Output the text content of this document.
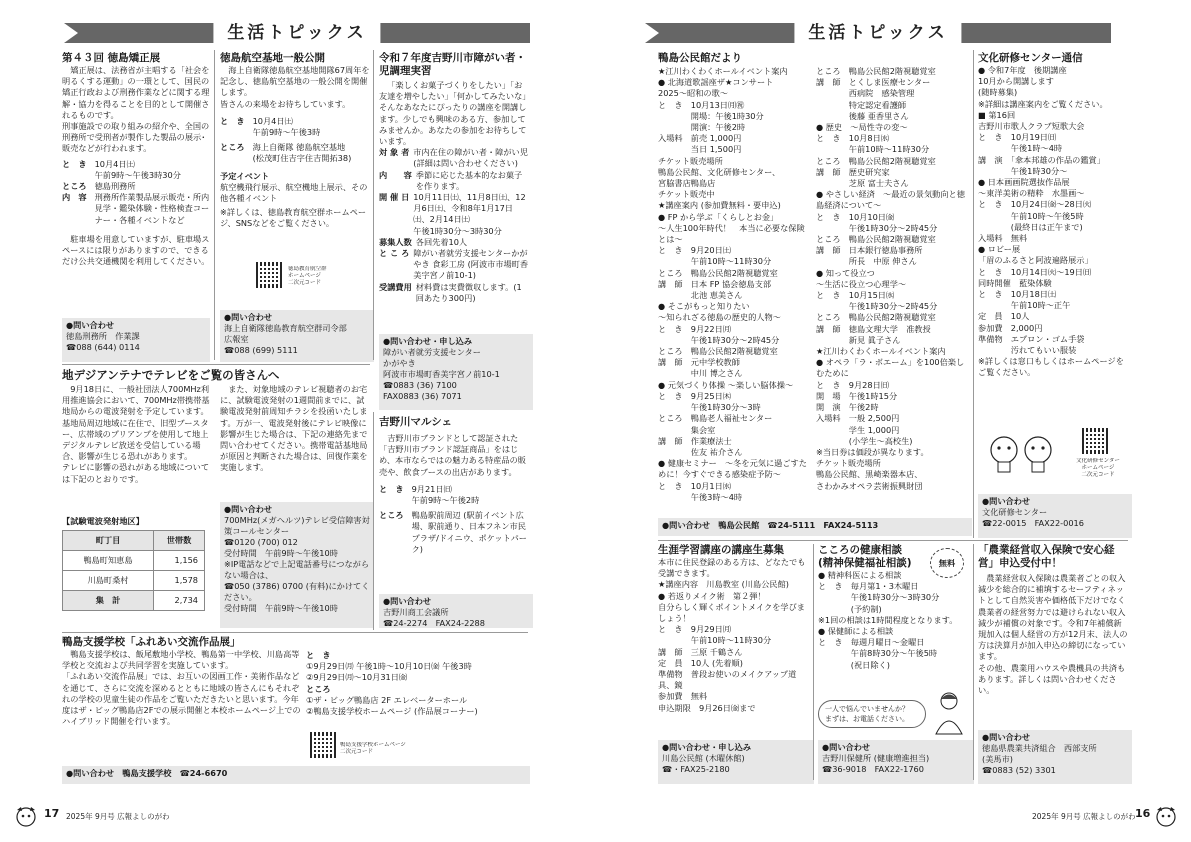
生活トピックス	生活トピックス
第４３回 徳島矯正展
矯正展は、法務省が主唱する「社会を明るくする運動」の一環として、国民の矯正行政および刑務作業などに関する理解・協力を得ることを目的として開催されるものです。
刑事施設での取り組みの紹介や、全国の刑務所で受刑者が製作した製品の展示･販売などが行われます。
と　き 10月4日㈯
午前9時～午後3時30分
ところ 徳島刑務所
内　容 刑務所作業製品展示販売・所内見学・鑑染体験・性格検査コーナー・各種イベントなど
駐車場を用意していますが、駐車場スペースには限りがありますので、できるだけ公共交通機関を利用してください。
●問い合わせ
徳島刑務所　作業課
☎088 (644) 0114
徳島航空基地一般公開
海上自衛隊徳島航空基地開隊67周年を記念し、徳島航空基地の一般公開を開催します。
皆さんの来場をお待ちしています。
と　き 10月4日㈯
午前9時～午後3時
ところ 海上自衛隊 徳島航空基地
(松茂町住吉字住吉開拓38)
予定イベント
航空機飛行展示、航空機地上展示、その他各種イベント
※詳しくは、徳島教育航空群ホームページ、SNSなどをご覧ください。
徳島教育航空群
ホームページ
二次元コード
●問い合わせ
海上自衛隊徳島教育航空群司令部
広報室
☎088 (699) 5111
令和７年度吉野川市障がい者・児調理実習
「楽しくお菓子づくりをしたい」「お友達を増やしたい」「何かしてみたいな」そんなあなたにぴったりの講座を開講します。少しでも興味のある方、参加してみませんか。あなたの参加をお待ちしています。
対 象 者 市内在住の障がい者・障がい児(詳細は問い合わせください)
内　　容 季節に応じた基本的なお菓子を作ります。
開 催 日 10月11日㈯、11月8日㈯、12月6日㈯、令和8年1月17日㈯、2月14日㈯
午後1時30分～3時30分
募集人数 各回先着10人
と こ ろ 障がい者就労支援センターかがやき 食彩工房 (阿波市市場町香美字宮ノ前10-1)
受講費用 材料費は実費徴収します。(1回あたり300円)
●問い合わせ・申し込み
障がい者就労支援センター
かがやき
阿波市市場町香美字宮ノ前10-1
☎0883 (36) 7100
FAX0883 (36) 7071
地デジアンテナでテレビをご覧の皆さんへ
9月18日に、一般社団法人700MHz利用推進協会において、700MHz帯携帯基地局からの電波発射を予定しています。基地局周辺地域に在住で、旧型ブースター、広帯域のプリアンプを使用して地上デジタルテレビ放送を受信している場合、影響が生じる恐れがあります。
テレビに影響の恐れがある地域については下記のとおりです。
また、対象地域のテレビ視聴者のお宅に、試験電波発射の1週間前までに、試験電波発射前周知チラシを投函いたします。万が一、電波発射後にテレビ映像に影響が生じた場合は、下記の連絡先まで問い合わせてください。携帯電話基地局が原因と判断された場合は、回復作業を実施します。
【試験電波発射地区】
町丁目	世帯数
鴨島町知恵島	1,156
川島町桑村	1,578
集　計	2,734
●問い合わせ
700MHz(メガヘルツ)テレビ受信障害対策コールセンター
☎0120 (700) 012
受付時間　午前9時～午後10時
※IP電話などで上記電話番号につながらない場合は、
☎050 (3786) 0700 (有料)にかけてください。
受付時間　午前9時～午後10時
吉野川マルシェ
吉野川市ブランドとして認証された「吉野川市ブランド認証商品」をはじめ、本市ならではの魅力ある特産品の販売や、飲食ブースの出店があります。
と　き 9月21日㈰
午前9時～午後2時
ところ 鴨島駅前周辺 (駅前イベント広場、駅前通り、日本フネン市民プラザ/ドイニウ、ポケットパーク)
●問い合わせ
吉野川商工会議所
☎24-2274　FAX24-2288
鴨島支援学校「ふれあい交流作品展」
鴨島支援学校は、飯尾敷地小学校、鴨島第一中学校、川島高等学校と交流および共同学習を実施しています。
「ふれあい交流作品展」では、お互いの図画工作・美術作品などを通じて、さらに交流を深めるとともに地域の皆さんにもそれぞれの学校の児童生徒の作品をご覧いただきたいと思います。今年度はザ・ビッグ鴨島店2Fでの展示開催と本校ホームページ上でのハイブリッド開催を行います。
と　き
①9月29日㈪ 午後1時～10月10日㈮ 午後3時
②9月29日㈪～10月31日㈮
ところ
①ザ・ビッグ鴨島店 2F エレベーターホール
②鴨島支援学校ホームページ (作品展コーナー)
鴨島支援学校ホームページ
二次元コード
●問い合わせ　鴨島支援学校　☎24-6670
17 2025年 9月号 広報よしのがわ
鴨島公民館だより
★江川わくわくホールイベント案内
● 北海道歌謡座ザ★コンサート
2025～昭和の歌～
と　き　10月13日㈪㊗
　　　　開場：午後1時30分
　　　　開演：午後2時
入場料　前売 1,000円
　　　　当日 1,500円
チケット販売場所
鴨島公民館、文化研修センター、
宮脇書店鴨島店
チケット販売中
★講座案内 (参加費無料・要申込)
● FP から学ぶ「くらしとお金」
～人生100年時代！　本当に必要な保険とは～
と　き　9月20日㈯
　　　　午前10時～11時30分
ところ　鴨島公民館2階視聴覚室
講　師　日本 FP 協会徳島支部
　　　　北池 恵美さん
● そこがもっと知りたい
～知られざる徳島の歴史的人物～
と　き　9月22日㈪
　　　　午後1時30分～2時45分
ところ　鴨島公民館2階視聴覚室
講　師　元中学校教師
　　　　中川 博之さん
● 元気づくり体操 ～楽しい脳体操～
と　き　9月25日㈭
　　　　午後1時30分～3時
ところ　鴨島老人福祉センター
　　　　集会室
講　師　作業療法士
　　　　佐友 祐介さん
● 健康セミナー　～冬を元気に過ごすために！今すぐできる感染症予防～
と　き　10月1日㈬
　　　　午後3時～4時
ところ　鴨島公民館2階視聴覚室
講　師　とくしま医療センター
　　　　西病院　感染管理
　　　　特定認定看護師
　　　　後藤 亜香里さん
● 歴史　～局性寺の変～
と　き　10月8日㈬
　　　　午前10時～11時30分
ところ　鴨島公民館2階視聴覚室
講　師　歴史研究家
　　　　芝原 富士夫さん
● やさしい経済　～最近の景気動向と徳島経済について～
と　き　10月10日㈮
　　　　午後1時30分～2時45分
ところ　鴨島公民館2階視聴覚室
講　師　日本銀行徳島事務所
　　　　所長　中原 伸さん
● 知って役立つ
～生活に役立つ心理学～
と　き　10月15日㈬
　　　　午後1時30分～2時45分
ところ　鴨島公民館2階視聴覚室
講　師　徳島文理大学　准教授
　　　　新見 眞子さん
★江川わくわくホールイベント案内
● オペラ「ラ・ボエーム」を100倍楽しむために
と　き　9月28日㈰
開　場　午後1時15分
開　演　午後2時
入場料　一般 2,500円
　　　　学生 1,000円
　　　　(小学生～高校生)
※当日券は価段が異なります。
チケット販売場所
鴨島公民館、黒崎楽器本店、
さわかみオペラ芸術振興財団
●問い合わせ　鴨島公民館　☎24-5111　FAX24-5113
文化研修センター通信
● 令和7年度　後期講座
10月から開講します
(随時募集)
※詳細は講座案内をご覧ください。
■ 第16回
吉野川市歌人クラブ短歌大会
と　き　10月19日㈰
　　　　午後1時～4時
講　演　「傘本邦雄の作品の鑑賞」
　　　　午後1時30分～
● 日本画画院選抜作品展
～東洋美術の精粋　水墨画～
と　き　10月24日㈮～28日㈫
　　　　午前10時～午後5時
　　　　(最終日は正午まで)
入場料　無料
● ロビー展
「眉のふるさと阿波遍路展示」
と　き　10月14日㈫～19日㈰
同時開催　藍染体験
と　き　10月18日㈯
　　　　午前10時～正午
定　員　10人
参加費　2,000円
準備物　エプロン・ゴム手袋
　　　　汚れてもいい服装
※詳しくは窓口もしくはホームページをご覧ください。
文化研修センター
ホームページ
二次元コード
●問い合わせ
文化研修センター
☎22-0015　FAX22-0016
生涯学習講座の講座生募集
本市に住民登録のある方は、どなたでも受講できます。
★講座内容　川島教室 (川島公民館)
● 若返りメイク術　第２弾！
自分らしく輝くポイントメイクを学びましょう！
と　き　9月29日㈪
　　　　午前10時～11時30分
講　師　三原 千鶴さん
定　員　10人 (先着順)
準備物　普段お使いのメイクアップ道具、鏡
参加費　無料
申込期限　9月26日㈮まで
●問い合わせ・申し込み
川島公民館 (木曜休館)
☎・FAX25-2180
こころの健康相談
(精神保健福祉相談)
● 精神科医による相談
と　き　毎月第1・3木曜日
　　　　午後1時30分～3時30分
　　　　(予約制)
※1回の相談は1時間程度となります。
● 保健師による相談
と　き　毎週月曜日～金曜日
　　　　午前8時30分～午後5時
　　　　(祝日除く)
無料
一人で悩んでいませんか？
まずは、お電話ください。
●問い合わせ
吉野川保健所 (健康増進担当)
☎36-9018　FAX22-1760
「農業経営収入保険で安心経営」申込受付中！
農業経営収入保険は農業者ごとの収入減少を総合的に補填するセーフティネットとして自然災害や価格低下だけでなく農業者の経営努力では避けられない収入減少が補償の対象です。令和7年補償新規加入は個人経営の方が12月末、法人の方は決算月が加入申込の締切になっています。
その他、農業用ハウスや農機具の共済もあります。詳しくは問い合わせください。
●問い合わせ
徳島県農業共済組合　西部支所
(美馬市)
☎0883 (52) 3301
2025年 9月号 広報よしのがわ 16
